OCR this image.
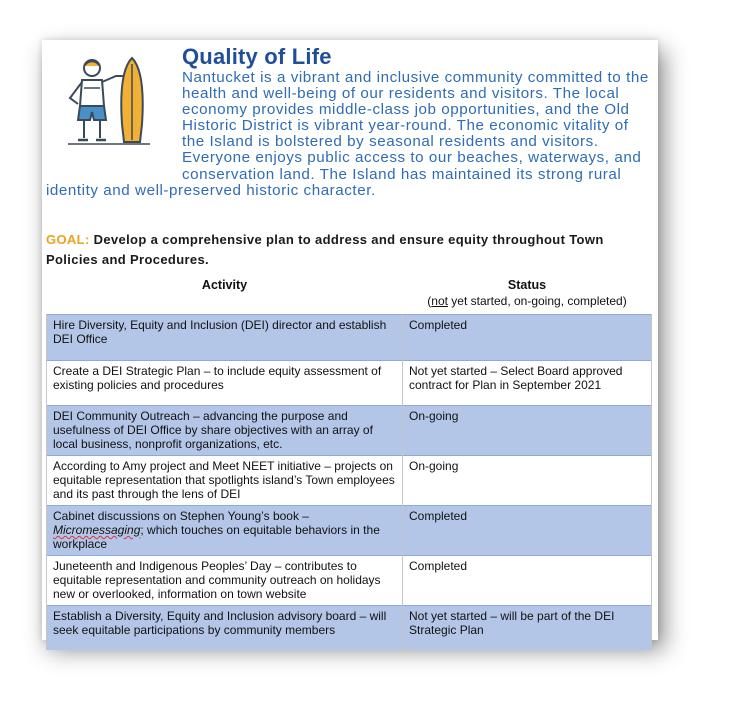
Quality of Life

Nantucket is a vibrant and inclusive community committed to the health and well-being of our residents and visitors. The local economy provides middle-class job opportunities, and the Old Historic District is vibrant year-round. The economic vitality of the Island is bolstered by seasonal residents and visitors. Everyone enjoys public access to our beaches, waterways, and conservation land. The Island has maintained its strong rural identity and well-preserved historic character.

GOAL: Develop a comprehensive plan to address and ensure equity throughout Town Policies and Procedures.

Activity	Status
(not yet started, on-going, completed)

Hire Diversity, Equity and Inclusion (DEI) director and establish DEI Office	Completed
Create a DEI Strategic Plan – to include equity assessment of existing policies and procedures	Not yet started – Select Board approved contract for Plan in September 2021
DEI Community Outreach – advancing the purpose and usefulness of DEI Office by share objectives with an array of local business, nonprofit organizations, etc.	On-going
According to Amy project and Meet NEET initiative – projects on equitable representation that spotlights island’s Town employees and its past through the lens of DEI	On-going
Cabinet discussions on Stephen Young’s book – Micromessaging; which touches on equitable behaviors in the workplace	Completed
Juneteenth and Indigenous Peoples’ Day – contributes to equitable representation and community outreach on holidays new or overlooked, information on town website	Completed
Establish a Diversity, Equity and Inclusion advisory board – will seek equitable participations by community members	Not yet started – will be part of the DEI Strategic Plan
